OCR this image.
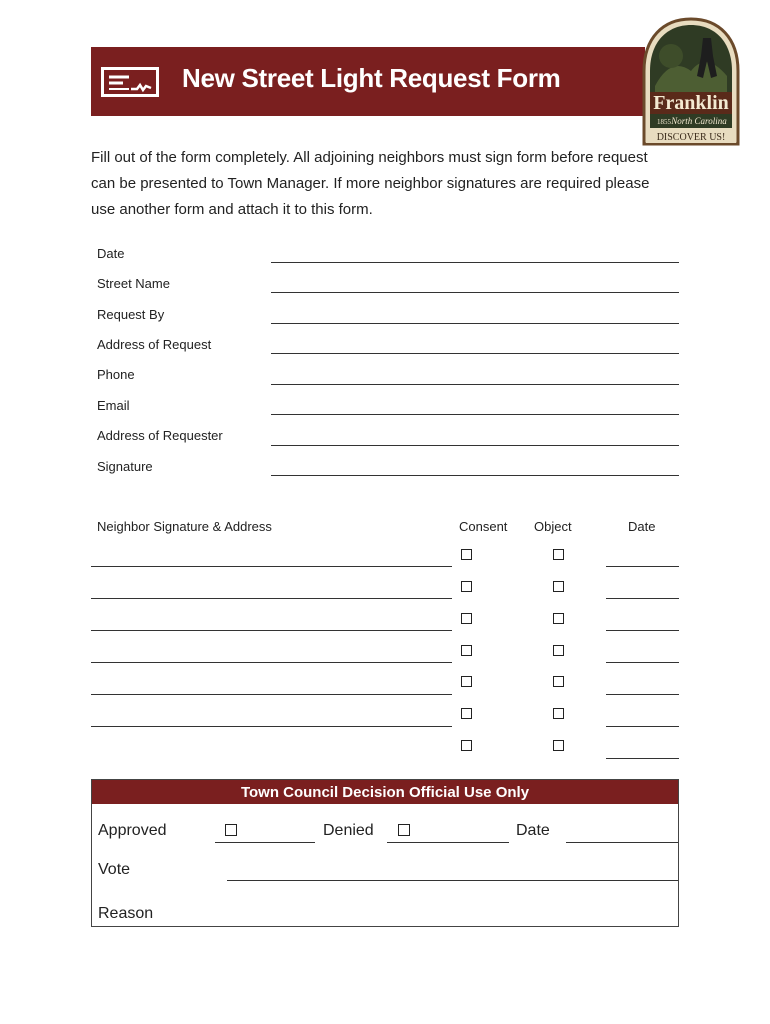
New Street Light Request Form
Franklin
1855 North Carolina
DISCOVER US!
Fill out of the form completely. All adjoining neighbors must sign form before request can be presented to Town Manager. If more neighbor signatures are required please use another form and attach it to this form.
Date
Street Name
Request By
Address of Request
Phone
Email
Address of Requester
Signature
Neighbor Signature & Address	Consent Object	Date
Town Council Decision Official Use Only
Approved	Denied	Date
Vote
Reason
